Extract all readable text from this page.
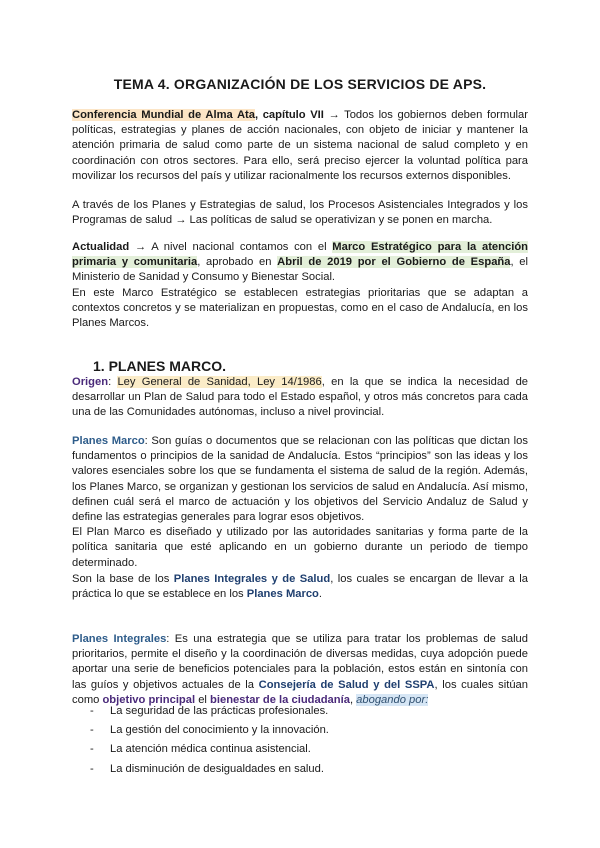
TEMA 4. ORGANIZACIÓN DE LOS SERVICIOS DE APS.
Conferencia Mundial de Alma Ata, capítulo VII → Todos los gobiernos deben formular políticas, estrategias y planes de acción nacionales, con objeto de iniciar y mantener la atención primaria de salud como parte de un sistema nacional de salud completo y en coordinación con otros sectores. Para ello, será preciso ejercer la voluntad política para movilizar los recursos del país y utilizar racionalmente los recursos externos disponibles.
A través de los Planes y Estrategias de salud, los Procesos Asistenciales Integrados y los Programas de salud → Las políticas de salud se operativizan y se ponen en marcha.
Actualidad → A nivel nacional contamos con el Marco Estratégico para la atención primaria y comunitaria, aprobado en Abril de 2019 por el Gobierno de España, el Ministerio de Sanidad y Consumo y Bienestar Social.
En este Marco Estratégico se establecen estrategias prioritarias que se adaptan a contextos concretos y se materializan en propuestas, como en el caso de Andalucía, en los Planes Marcos.
1. PLANES MARCO.
Origen: Ley General de Sanidad, Ley 14/1986, en la que se indica la necesidad de desarrollar un Plan de Salud para todo el Estado español, y otros más concretos para cada una de las Comunidades autónomas, incluso a nivel provincial.
Planes Marco: Son guías o documentos que se relacionan con las políticas que dictan los fundamentos o principios de la sanidad de Andalucía. Estos “principios” son las ideas y los valores esenciales sobre los que se fundamenta el sistema de salud de la región. Además, los Planes Marco, se organizan y gestionan los servicios de salud en Andalucía. Así mismo, definen cuál será el marco de actuación y los objetivos del Servicio Andaluz de Salud y define las estrategias generales para lograr esos objetivos.
El Plan Marco es diseñado y utilizado por las autoridades sanitarias y forma parte de la política sanitaria que esté aplicando en un gobierno durante un periodo de tiempo determinado.
Son la base de los Planes Integrales y de Salud, los cuales se encargan de llevar a la práctica lo que se establece en los Planes Marco.
Planes Integrales: Es una estrategia que se utiliza para tratar los problemas de salud prioritarios, permite el diseño y la coordinación de diversas medidas, cuya adopción puede aportar una serie de beneficios potenciales para la población, estos están en sintonía con las guíos y objetivos actuales de la Consejería de Salud y del SSPA, los cuales sitúan como objetivo principal el bienestar de la ciudadanía, abogando por:
- La seguridad de las prácticas profesionales.
- La gestión del conocimiento y la innovación.
- La atención médica continua asistencial.
- La disminución de desigualdades en salud.
